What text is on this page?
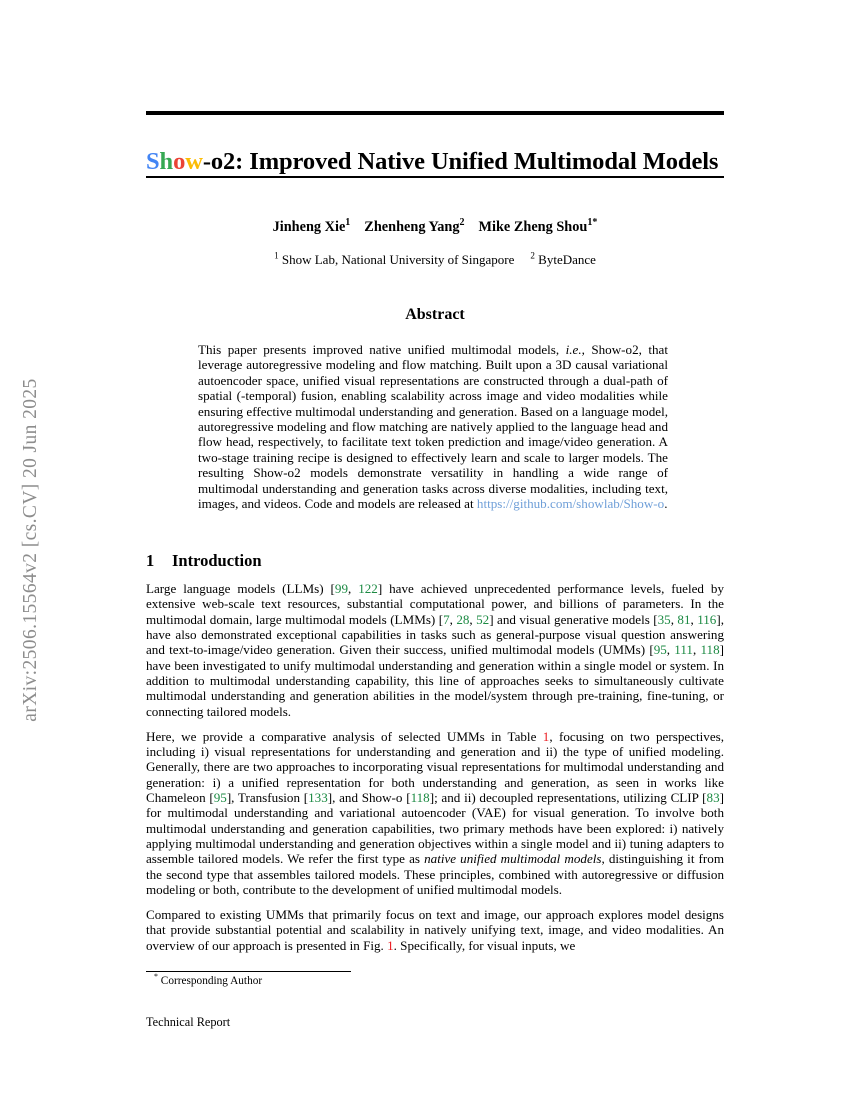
arXiv:2506.15564v2 [cs.CV] 20 Jun 2025
Show-o2: Improved Native Unified Multimodal Models
Jinheng Xie$^1$ Zhenheng Yang$^2$ Mike Zheng Shou$^{1*}$
$^1$ Show Lab, National University of Singapore $^2$ ByteDance
Abstract
This paper presents improved native unified multimodal models, i.e., Show-o2, that leverage autoregressive modeling and flow matching. Built upon a 3D causal variational autoencoder space, unified visual representations are constructed through a dual-path of spatial (-temporal) fusion, enabling scalability across image and video modalities while ensuring effective multimodal understanding and generation. Based on a language model, autoregressive modeling and flow matching are natively applied to the language head and flow head, respectively, to facilitate text token prediction and image/video generation. A two-stage training recipe is designed to effectively learn and scale to larger models. The resulting Show-o2 models demonstrate versatility in handling a wide range of multimodal understanding and generation tasks across diverse modalities, including text, images, and videos. Code and models are released at https://github.com/showlab/Show-o.
1 Introduction

Large language models (LLMs) [99, 122] have achieved unprecedented performance levels, fueled by extensive web-scale text resources, substantial computational power, and billions of parameters. In the multimodal domain, large multimodal models (LMMs) [7, 28, 52] and visual generative models [35, 81, 116], have also demonstrated exceptional capabilities in tasks such as general-purpose visual question answering and text-to-image/video generation. Given their success, unified multimodal models (UMMs) [95, 111, 118] have been investigated to unify multimodal understanding and generation within a single model or system. In addition to multimodal understanding capability, this line of approaches seeks to simultaneously cultivate multimodal understanding and generation abilities in the model/system through pre-training, fine-tuning, or connecting tailored models.

Here, we provide a comparative analysis of selected UMMs in Table 1, focusing on two perspectives, including i) visual representations for understanding and generation and ii) the type of unified modeling. Generally, there are two approaches to incorporating visual representations for multimodal understanding and generation: i) a unified representation for both understanding and generation, as seen in works like Chameleon [95], Transfusion [133], and Show-o [118]; and ii) decoupled representations, utilizing CLIP [83] for multimodal understanding and variational autoencoder (VAE) for visual generation. To involve both multimodal understanding and generation capabilities, two primary methods have been explored: i) natively applying multimodal understanding and generation objectives within a single model and ii) tuning adapters to assemble tailored models. We refer the first type as native unified multimodal models, distinguishing it from the second type that assembles tailored models. These principles, combined with autoregressive or diffusion modeling or both, contribute to the development of unified multimodal models.

Compared to existing UMMs that primarily focus on text and image, our approach explores model designs that provide substantial potential and scalability in natively unifying text, image, and video modalities. An overview of our approach is presented in Fig. 1. Specifically, for visual inputs, we

* Corresponding Author
Technical Report
